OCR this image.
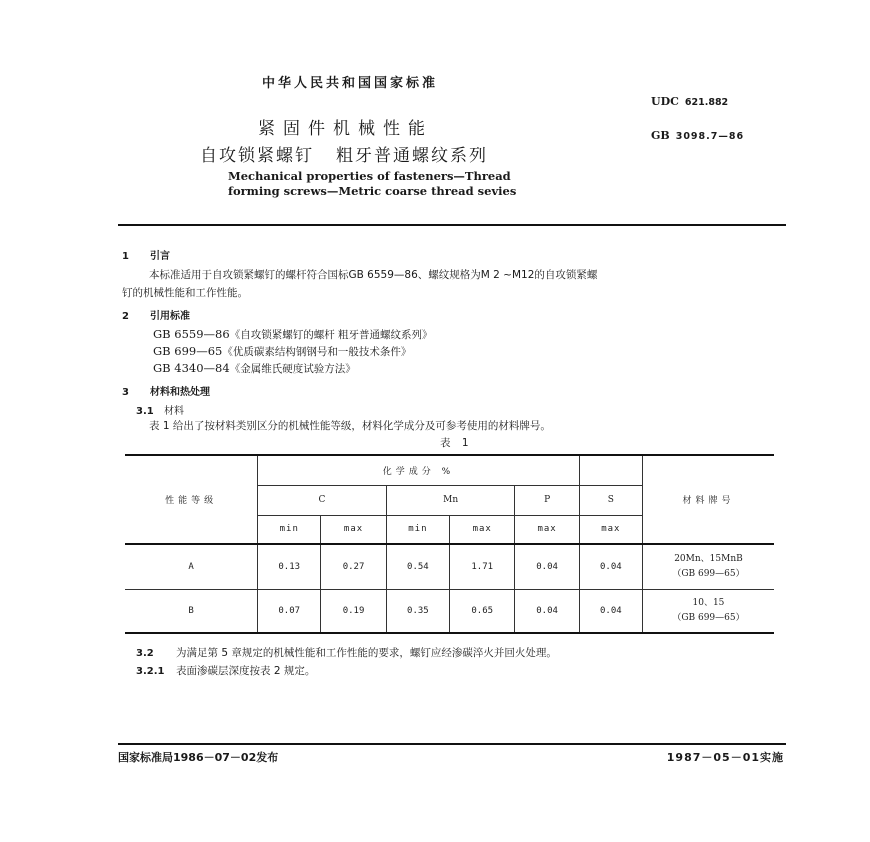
中华人民共和国国家标准
紧固件机械性能
自攻锁紧螺钉 粗牙普通螺纹系列
Mechanical properties of fasteners—Thread
forming screws—Metric coarse thread sevies
UDC 621.882
GB 3098.7—86
1 引言
本标准适用于自攻锁紧螺钉的螺杆符合国标GB 6559—86、螺纹规格为M 2 ~M12的自攻锁紧螺
钉的机械性能和工作性能。
2 引用标准
GB 6559—86《自攻锁紧螺钉的螺杆 粗牙普通螺纹系列》
GB 699—65《优质碳素结构钢钢号和一般技术条件》
GB 4340—84《金属维氏硬度试验方法》
3 材料和热处理
3.1 材料
表 1 给出了按材料类别区分的机械性能等级，材料化学成分及可参考使用的材料牌号。
表 1
性能等级	化学成分 %						材料牌号
	C		Mn		P	S	
	min	max	min	max	max	max	
A	0.13	0.27	0.54	1.71	0.04	0.04	20Mn、15MnB
（GB 699—65）

B	0.07	0.19	0.35	0.65	0.04	0.04	10、15
（GB 699—65）
3.2 为满足第 5 章规定的机械性能和工作性能的要求，螺钉应经渗碳淬火并回火处理。
3.2.1 表面渗碳层深度按表 2 规定。
国家标准局1986－07－02发布	1987－05－01实施
